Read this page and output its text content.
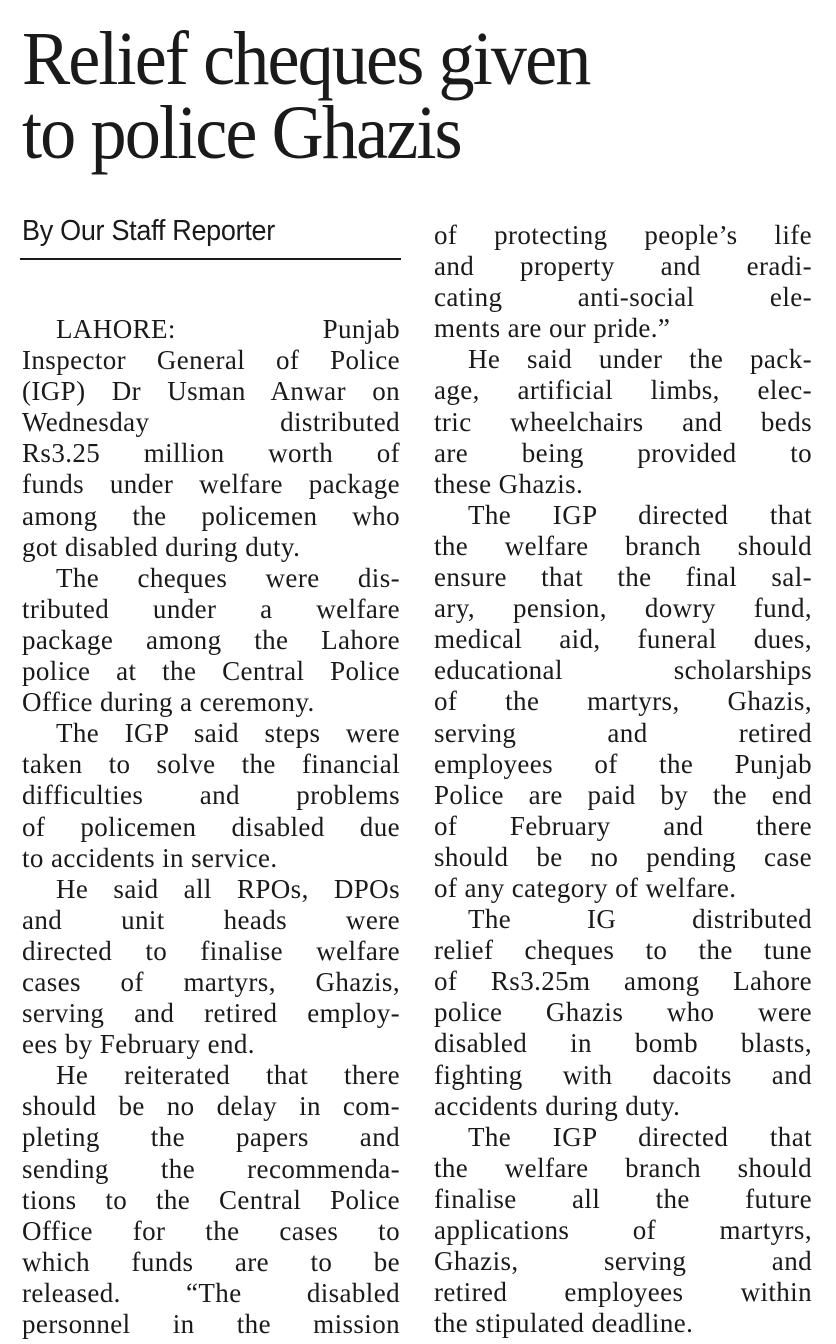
Relief cheques given
to police Ghazis
By Our Staff Reporter
LAHORE: Punjab
Inspector General of Police
(IGP) Dr Usman Anwar on
Wednesday distributed
Rs3.25 million worth of
funds under welfare package
among the policemen who
got disabled during duty.
The cheques were dis-
tributed under a welfare
package among the Lahore
police at the Central Police
Office during a ceremony.
The IGP said steps were
taken to solve the financial
difficulties and problems
of policemen disabled due
to accidents in service.
He said all RPOs, DPOs
and unit heads were
directed to finalise welfare
cases of martyrs, Ghazis,
serving and retired employ-
ees by February end.
He reiterated that there
should be no delay in com-
pleting the papers and
sending the recommenda-
tions to the Central Police
Office for the cases to
which funds are to be
released. “The disabled
personnel in the mission
of protecting people’s life
and property and eradi-
cating anti-social ele-
ments are our pride.”
He said under the pack-
age, artificial limbs, elec-
tric wheelchairs and beds
are being provided to
these Ghazis.
The IGP directed that
the welfare branch should
ensure that the final sal-
ary, pension, dowry fund,
medical aid, funeral dues,
educational scholarships
of the martyrs, Ghazis,
serving and retired
employees of the Punjab
Police are paid by the end
of February and there
should be no pending case
of any category of welfare.
The IG distributed
relief cheques to the tune
of Rs3.25m among Lahore
police Ghazis who were
disabled in bomb blasts,
fighting with dacoits and
accidents during duty.
The IGP directed that
the welfare branch should
finalise all the future
applications of martyrs,
Ghazis, serving and
retired employees within
the stipulated deadline.
